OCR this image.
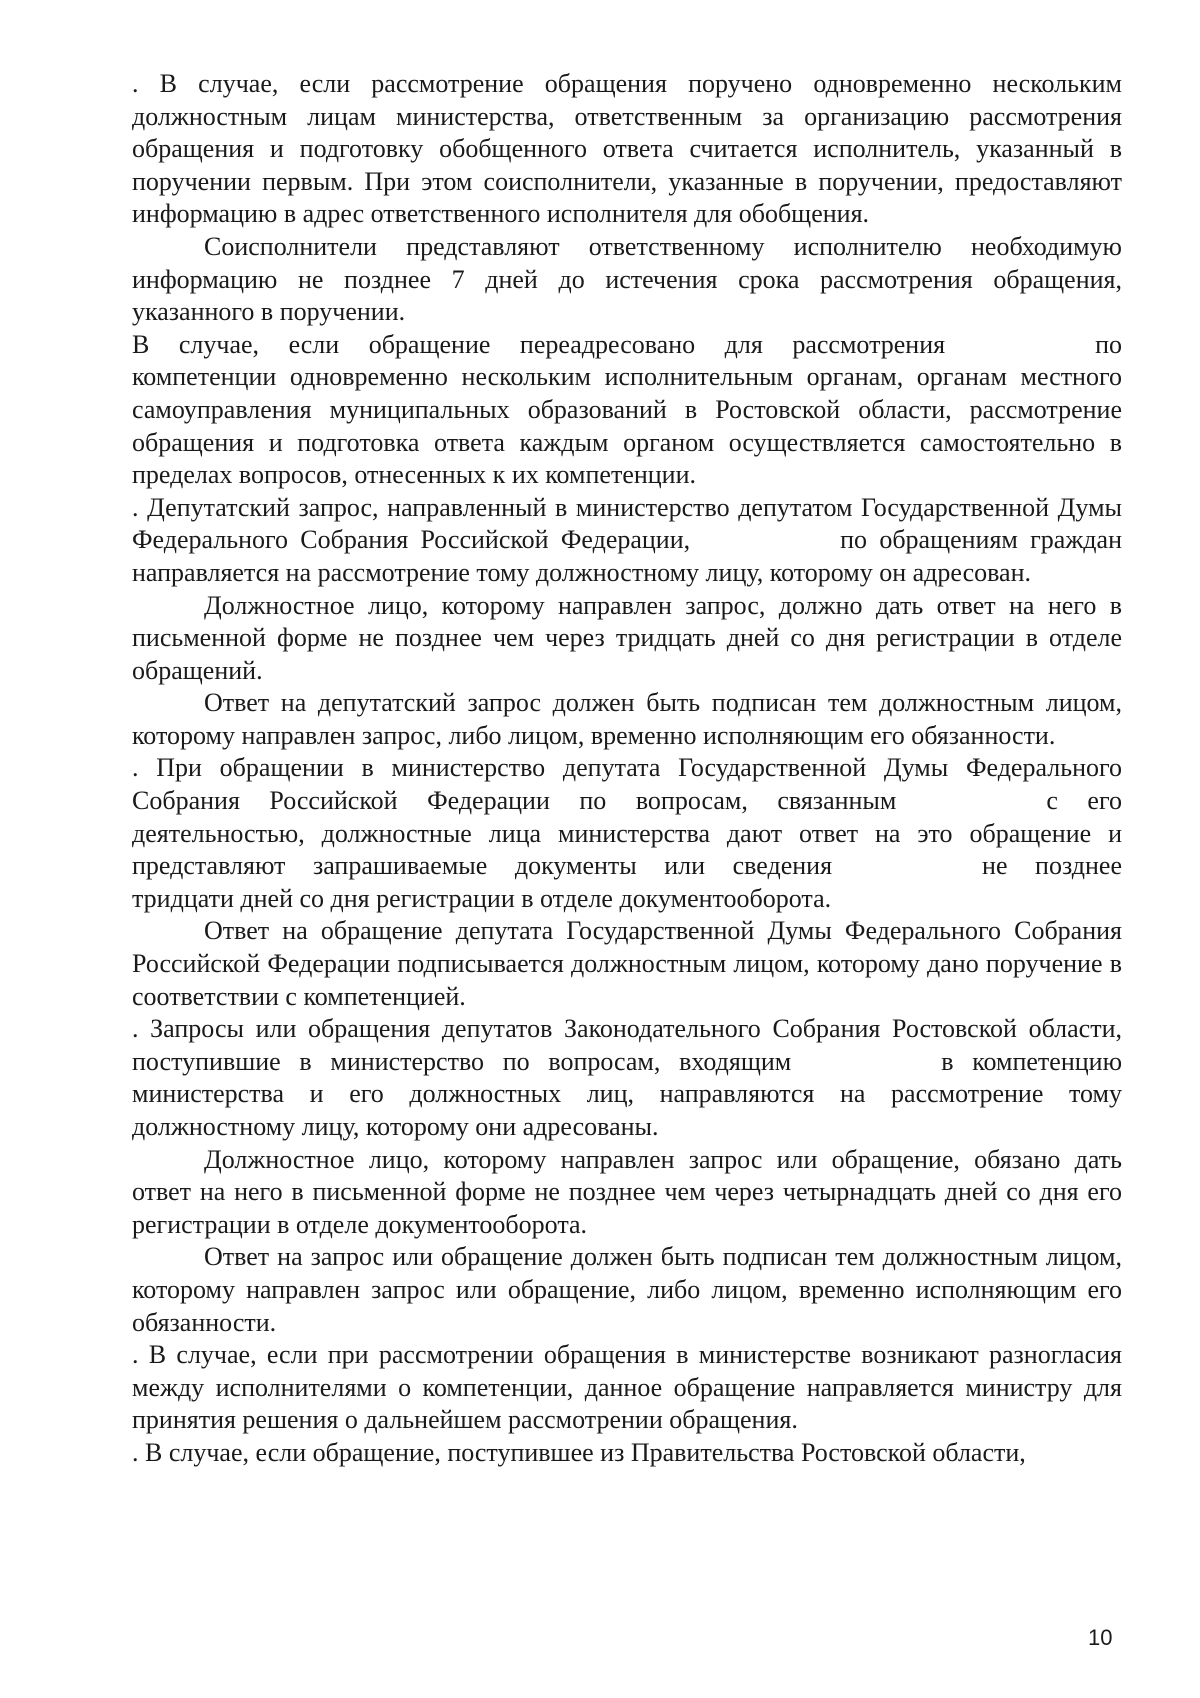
. В случае, если рассмотрение обращения поручено одновременно нескольким должностным лицам министерства, ответственным за организацию рассмотрения обращения и подготовку обобщенного ответа считается исполнитель, указанный в поручении первым. При этом соисполнители, указанные в поручении, предоставляют информацию в адрес ответственного исполнителя для обобщения.

Соисполнители представляют ответственному исполнителю необходимую информацию не позднее 7 дней до истечения срока рассмотрения обращения, указанного в поручении.

В случае, если обращение переадресовано для рассмотрения	по компетенции одновременно нескольким исполнительным органам, органам местного самоуправления муниципальных образований в Ростовской области, рассмотрение обращения и подготовка ответа каждым органом осуществляется самостоятельно в пределах вопросов, отнесенных к их компетенции.

. Депутатский запрос, направленный в министерство депутатом Государственной Думы Федерального Собрания Российской Федерации,	по обращениям граждан направляется на рассмотрение тому должностному лицу, которому он адресован.

Должностное лицо, которому направлен запрос, должно дать ответ на него в письменной форме не позднее чем через тридцать дней со дня регистрации в отделе обращений.

Ответ на депутатский запрос должен быть подписан тем должностным лицом, которому направлен запрос, либо лицом, временно исполняющим его обязанности.

. При обращении в министерство депутата Государственной Думы Федерального Собрания Российской Федерации по вопросам, связанным	с его деятельностью, должностные лица министерства дают ответ на это обращение и представляют запрашиваемые документы или сведения	не позднее тридцати дней со дня регистрации в отделе документооборота.

Ответ на обращение депутата Государственной Думы Федерального Собрания Российской Федерации подписывается должностным лицом, которому дано поручение в соответствии с компетенцией.

. Запросы или обращения депутатов Законодательного Собрания Ростовской области, поступившие в министерство по вопросам, входящим	в компетенцию министерства и его должностных лиц, направляются на рассмотрение тому должностному лицу, которому они адресованы.

Должностное лицо, которому направлен запрос или обращение, обязано дать ответ на него в письменной форме не позднее чем через четырнадцать дней со дня его регистрации в отделе документооборота.

Ответ на запрос или обращение должен быть подписан тем должностным лицом, которому направлен запрос или обращение, либо лицом, временно исполняющим его обязанности.

. В случае, если при рассмотрении обращения в министерстве возникают разногласия между исполнителями о компетенции, данное обращение направляется министру для принятия решения о дальнейшем рассмотрении обращения.

. В случае, если обращение, поступившее из Правительства Ростовской области,

10
